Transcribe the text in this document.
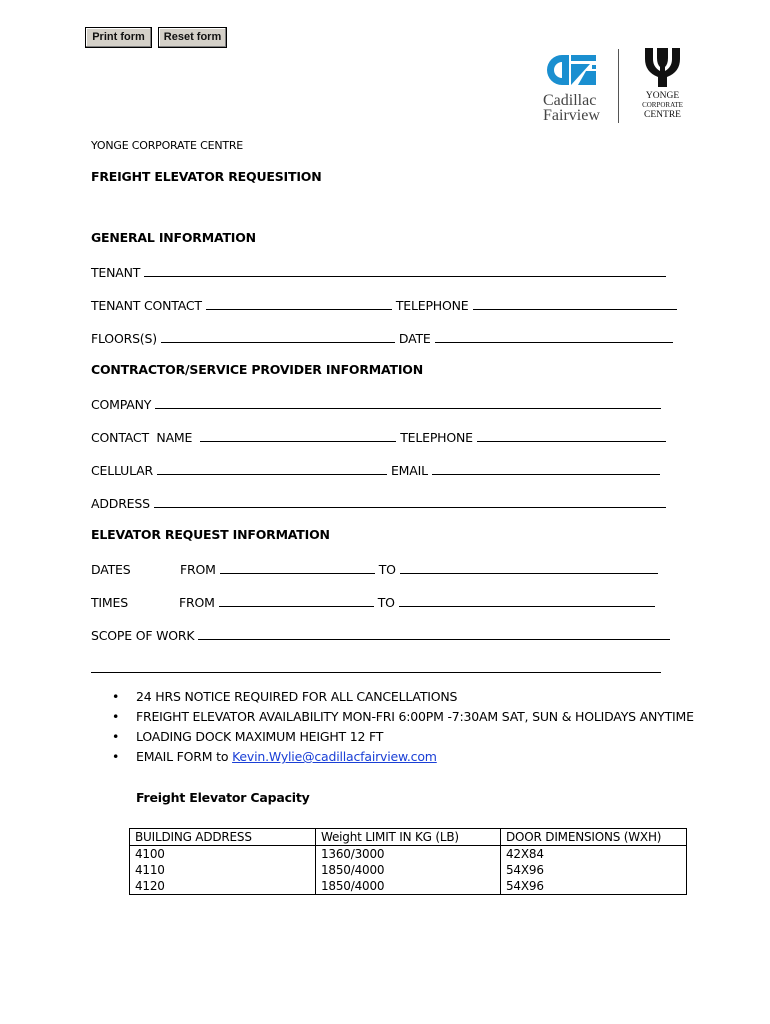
Print form	Reset form
Cadillac
Fairview
YONGE
CORPORATE
CENTRE
YONGE CORPORATE CENTRE
FREIGHT ELEVATOR REQUESITION
GENERAL INFORMATION
TENANT
TENANT CONTACT	TELEPHONE
FLOORS(S)	DATE
CONTRACTOR/SERVICE PROVIDER INFORMATION
COMPANY
CONTACT  NAME	TELEPHONE
CELLULAR	EMAIL
ADDRESS
ELEVATOR REQUEST INFORMATION
DATES	FROM	TO
TIMES	FROM	TO
SCOPE OF WORK
• 24 HRS NOTICE REQUIRED FOR ALL CANCELLATIONS
• FREIGHT ELEVATOR AVAILABILITY MON-FRI 6:00PM -7:30AM SAT, SUN & HOLIDAYS ANYTIME
• LOADING DOCK MAXIMUM HEIGHT 12 FT
• EMAIL FORM to Kevin.Wylie@cadillacfairview.com
Freight Elevator Capacity
BUILDING ADDRESS	Weight LIMIT IN KG (LB)	DOOR DIMENSIONS (WXH)
4100	1360/3000	42X84
4110	1850/4000	54X96
4120	1850/4000	54X96
